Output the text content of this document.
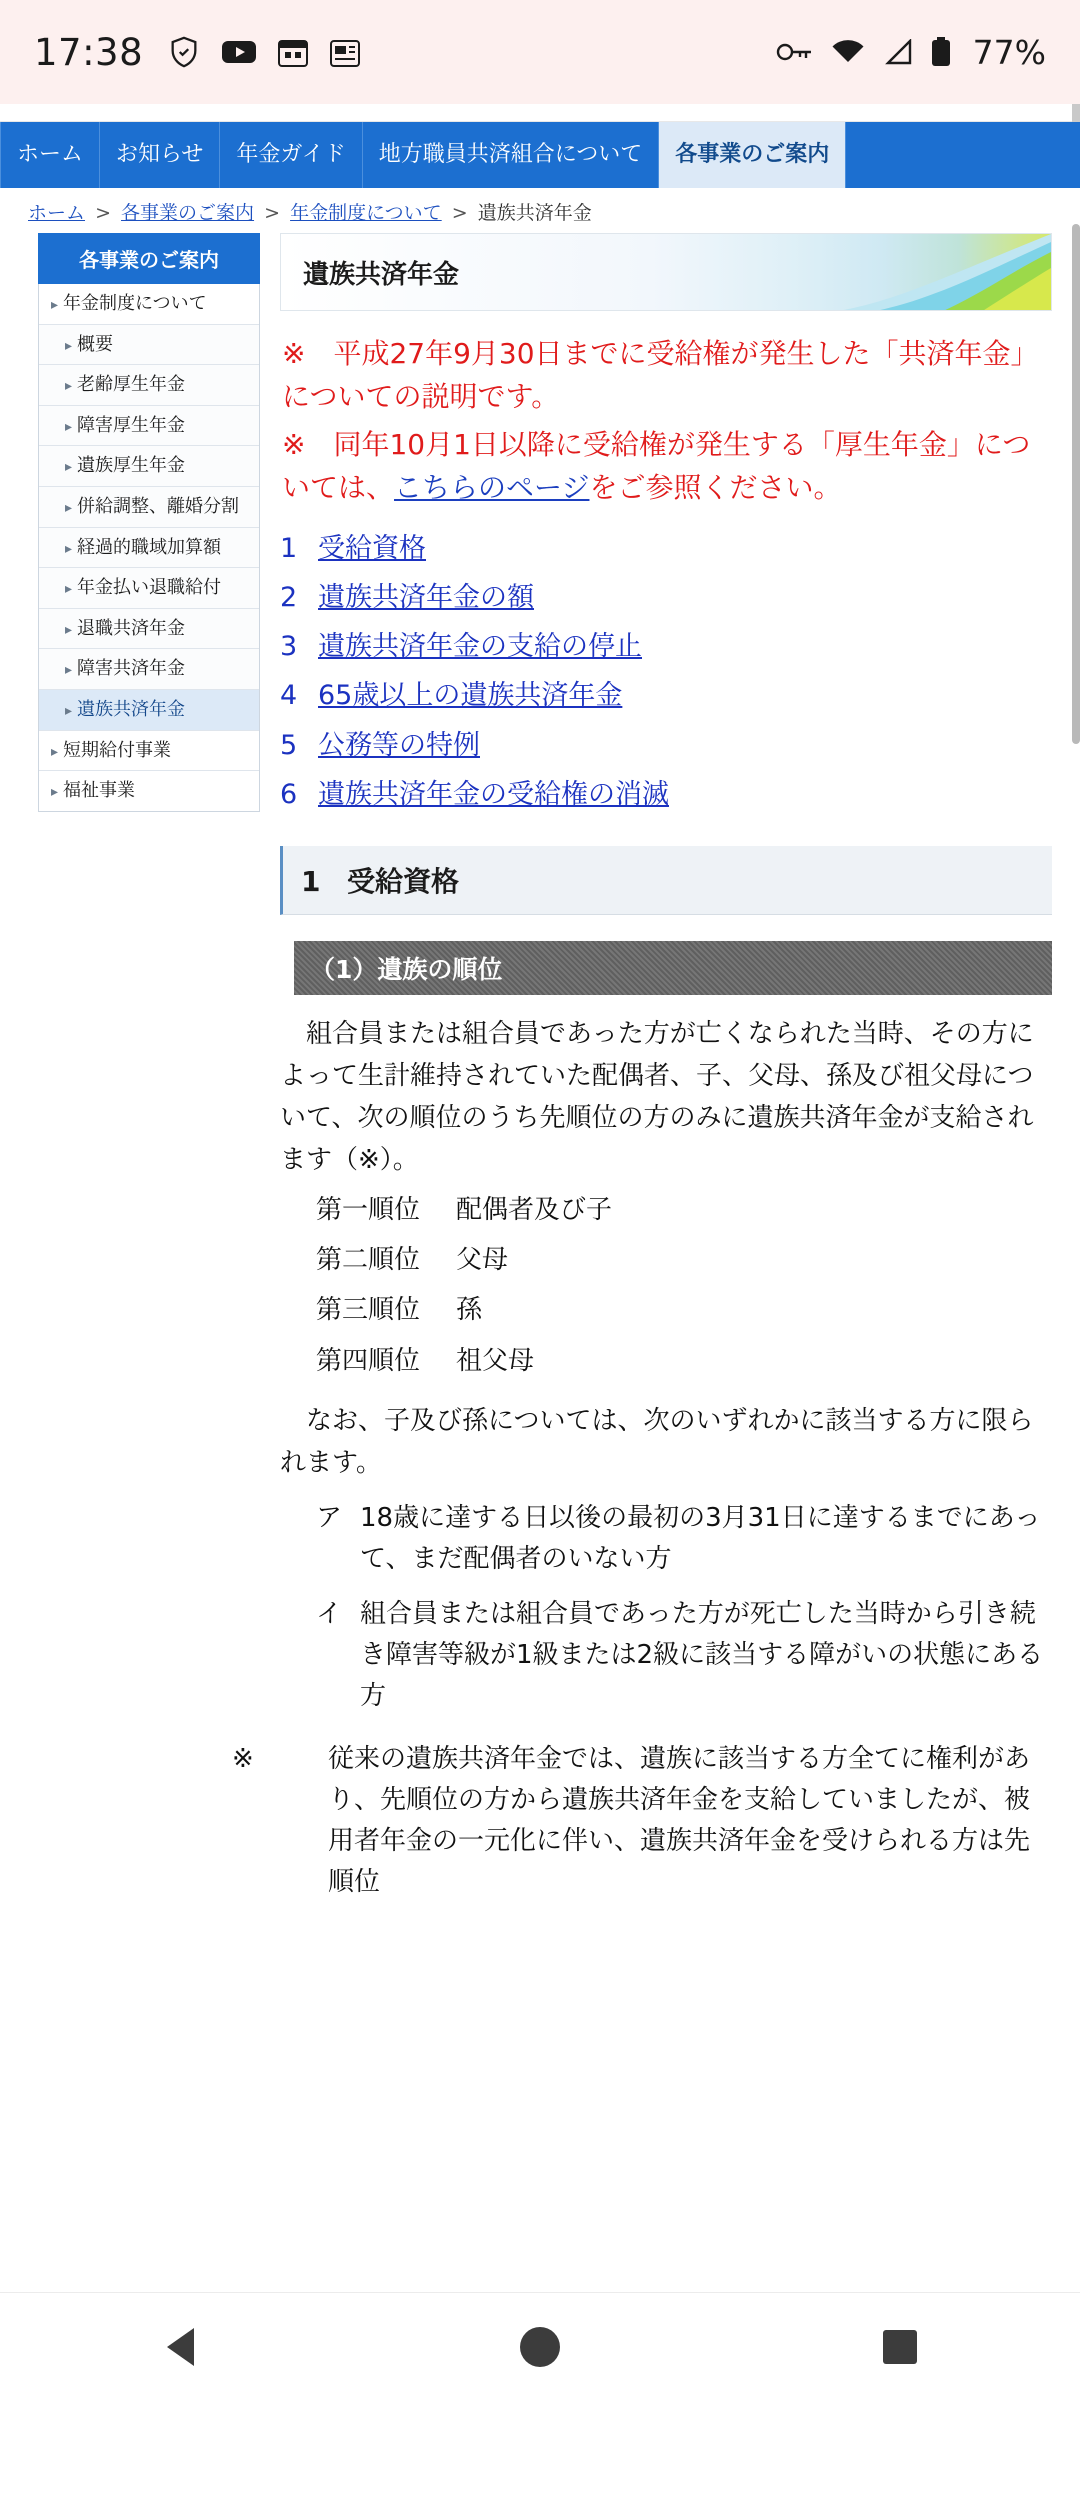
17:38	77%
ホーム	お知らせ	年金ガイド	地方職員共済組合について	各事業のご案内
ホーム > 各事業のご案内 > 年金制度について > 遺族共済年金
各事業のご案内
▸ 年金制度について
▸ 概要
▸ 老齢厚生年金
▸ 障害厚生年金
▸ 遺族厚生年金
▸ 併給調整、離婚分割
▸ 経過的職域加算額
▸ 年金払い退職給付
▸ 退職共済年金
▸ 障害共済年金
▸ 遺族共済年金
▸ 短期給付事業
▸ 福祉事業
遺族共済年金

※　平成27年9月30日までに受給権が発生した「共済年金」についての説明です。

※　同年10月1日以降に受給権が発生する「厚生年金」については、こちらのページをご参照ください。

1 受給資格
2 遺族共済年金の額
3 遺族共済年金の支給の停止
4 65歳以上の遺族共済年金
5 公務等の特例
6 遺族共済年金の受給権の消滅
1 受給資格
（1）遺族の順位

組合員または組合員であった方が亡くなられた当時、その方によって生計維持されていた配偶者、子、父母、孫及び祖父母について、次の順位のうち先順位の方のみに遺族共済年金が支給されます（※）。

第一順位 配偶者及び子
第二順位 父母
第三順位 孫
第四順位 祖父母

なお、子及び孫については、次のいずれかに該当する方に限られます。

ア 18歳に達する日以後の最初の3月31日に達するまでにあって、まだ配偶者のいない方
イ 組合員または組合員であった方が死亡した当時から引き続き障害等級が1級または2級に該当する障がいの状態にある方
※	従来の遺族共済年金では、遺族に該当する方全てに権利があり、先順位の方から遺族共済年金を支給していましたが、被用者年金の一元化に伴い、遺族共済年金を受けられる方は先順位
